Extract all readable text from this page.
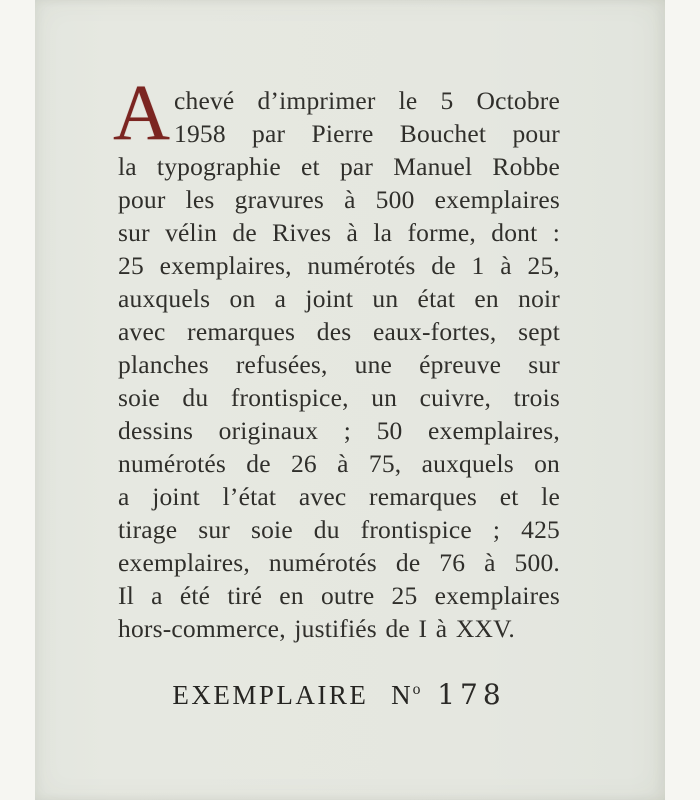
A chevé d’imprimer le 5 Octobre
1958 par Pierre Bouchet pour
la typographie et par Manuel Robbe
pour les gravures à 500 exemplaires
sur vélin de Rives à la forme, dont :
25 exemplaires, numérotés de 1 à 25,
auxquels on a joint un état en noir
avec remarques des eaux-fortes, sept
planches refusées, une épreuve sur
soie du frontispice, un cuivre, trois
dessins originaux ; 50 exemplaires,
numérotés de 26 à 75, auxquels on
a joint l’état avec remarques et le
tirage sur soie du frontispice ; 425
exemplaires, numérotés de 76 à 500.
Il a été tiré en outre 25 exemplaires
hors-commerce, justifiés de I à XXV.
EXEMPLAIRE No 178
